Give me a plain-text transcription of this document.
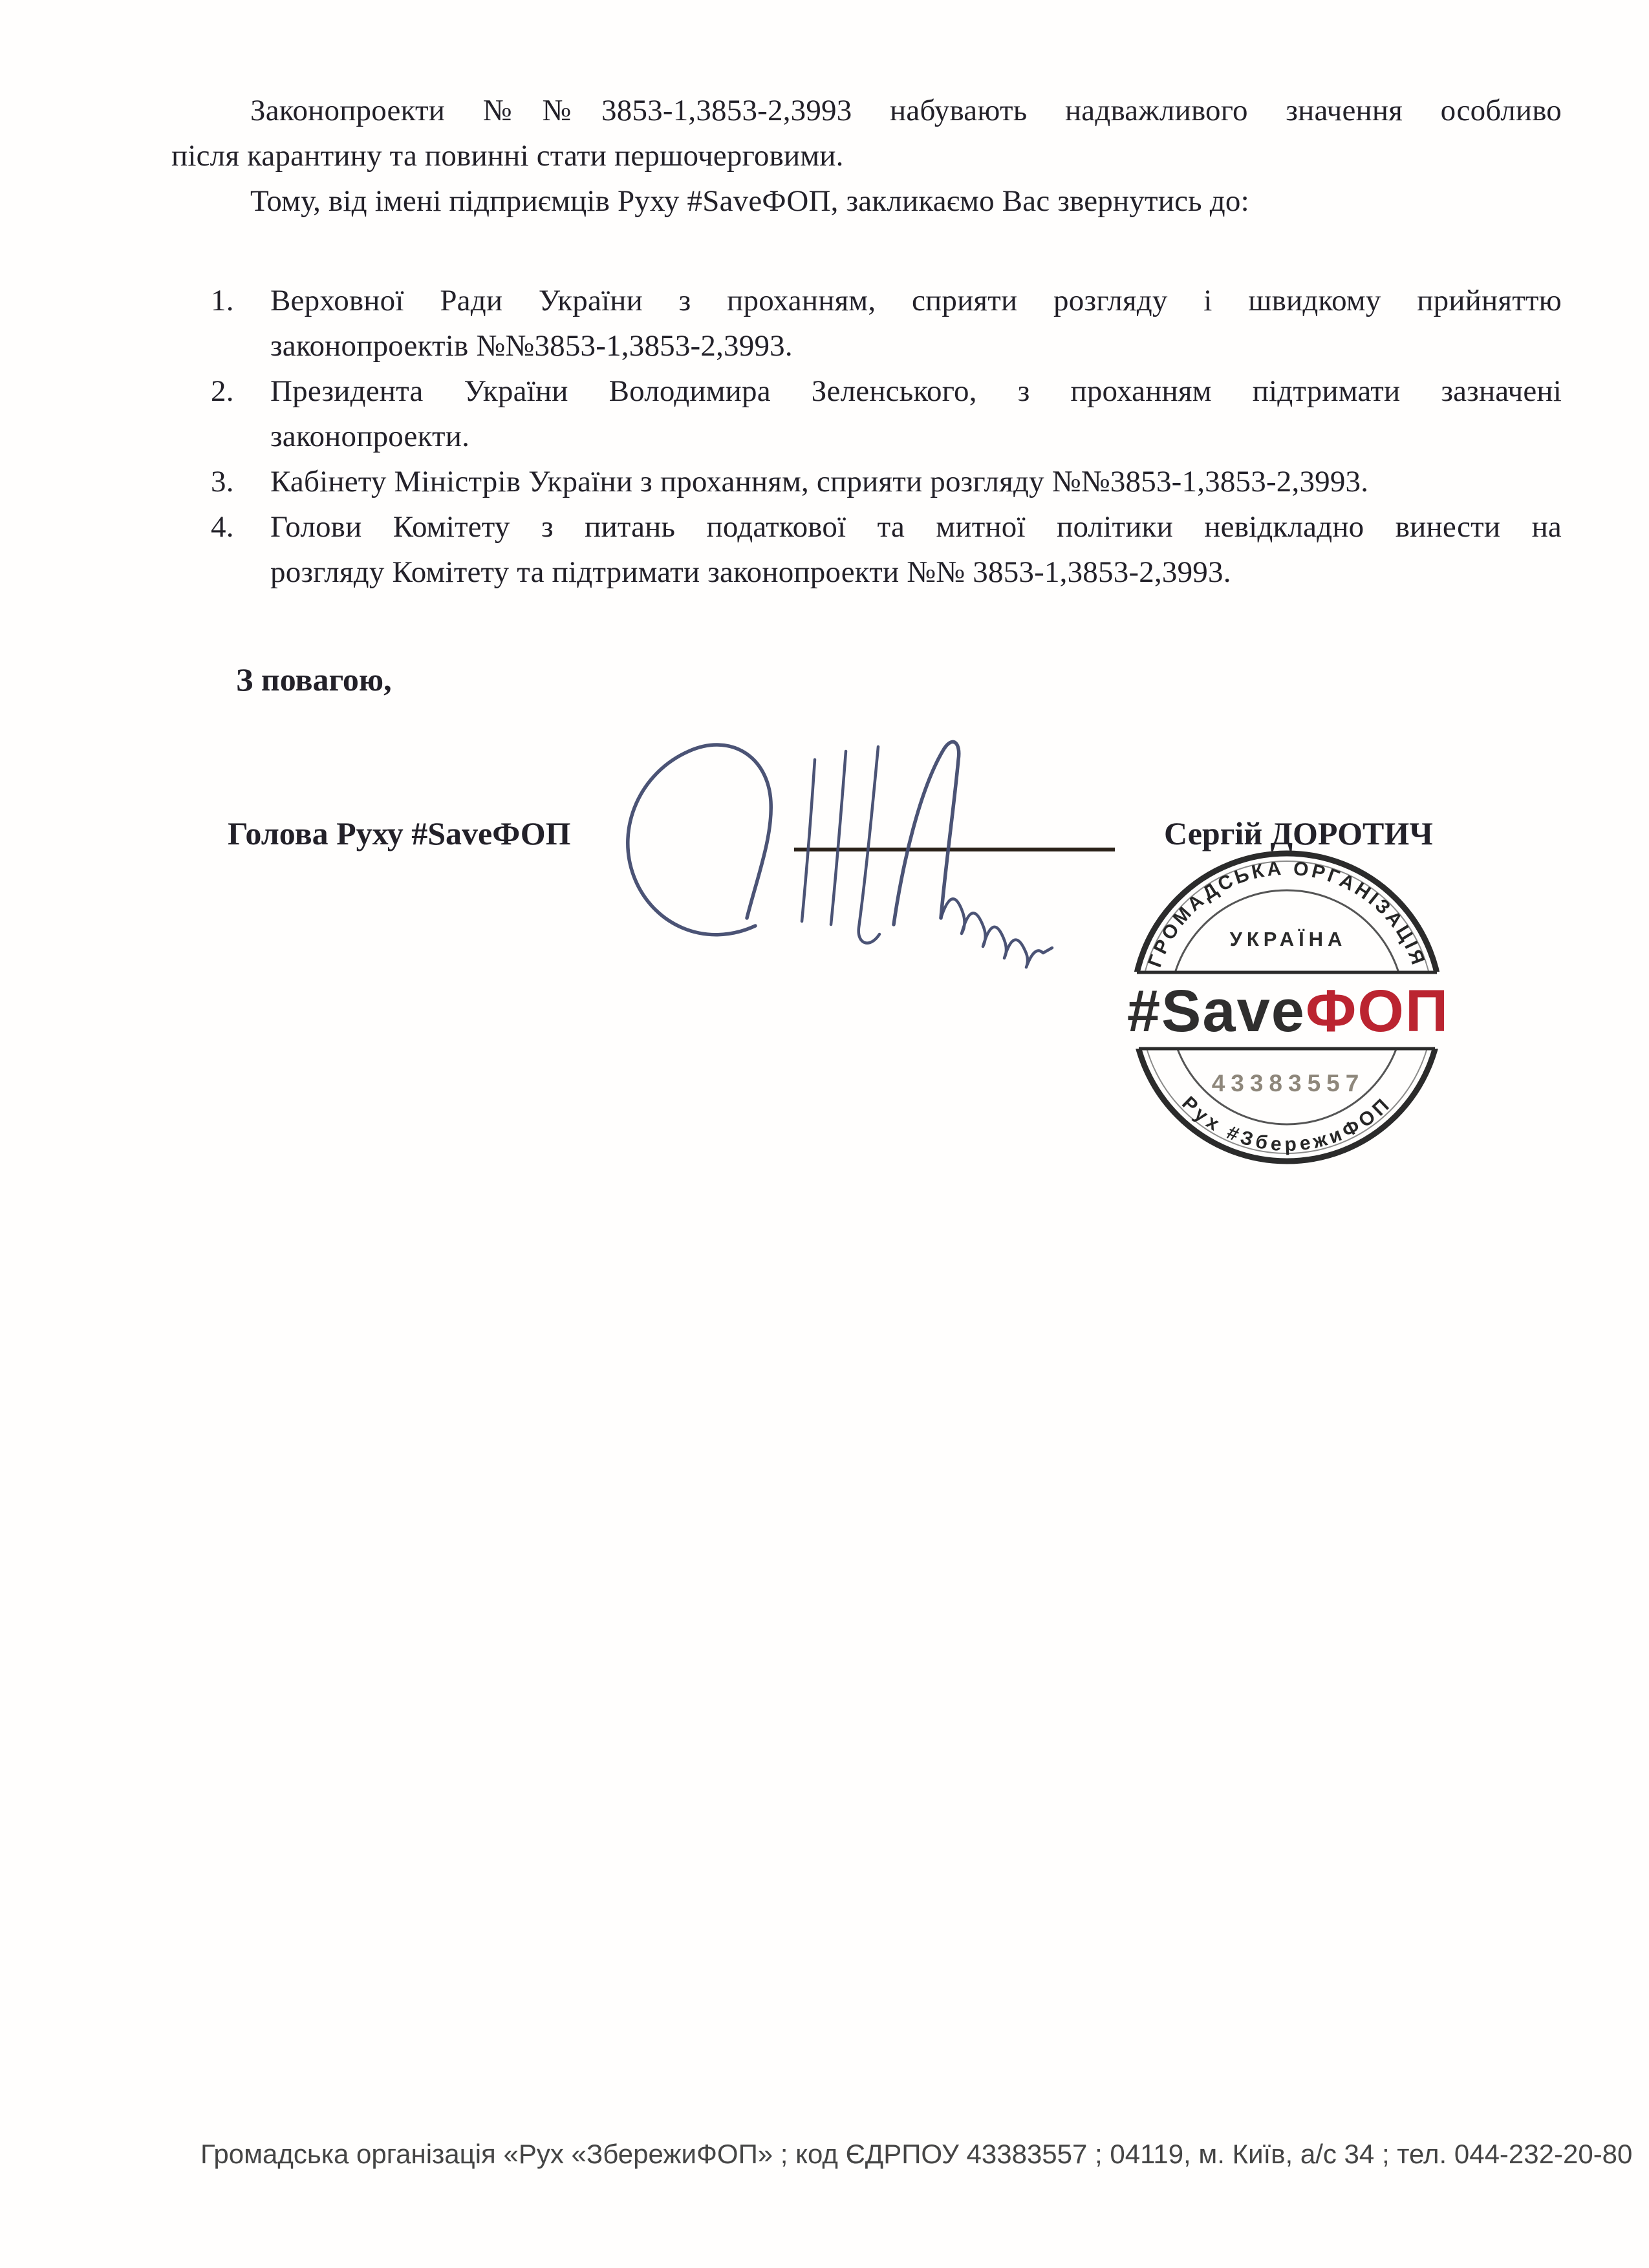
Законопроекти №№3853-1,3853-2,3993 набувають надважливого значення особливо
після карантину та повинні стати першочерговими.
Тому, від імені підприємців Руху #SaveФОП, закликаємо Вас звернутись до:
1.	Верховної Ради України з проханням, сприяти розгляду і швидкому прийняттю
законопроектів №№3853-1,3853-2,3993.
2.	Президента України Володимира Зеленського, з проханням підтримати зазначені
законопроекти.
3.	Кабінету Міністрів України з проханням, сприяти розгляду №№3853-1,3853-2,3993.
4.	Голови Комітету з питань податкової та митної політики невідкладно винести на
розгляду Комітету та підтримати законопроекти №№ 3853-1,3853-2,3993.
З повагою,
Голова Руху #SaveФОП	Сергій ДОРОТИЧ
ГРОМАДСЬКА ОРГАНІЗАЦІЯ
УКРАЇНА
#SaveФОП
43383557
Рух #ЗбережиФОП
Громадська організація «Рух «ЗбережиФОП» ; код ЄДРПОУ 43383557 ; 04119, м. Київ, а/с 34 ; тел. 044-232-20-80
